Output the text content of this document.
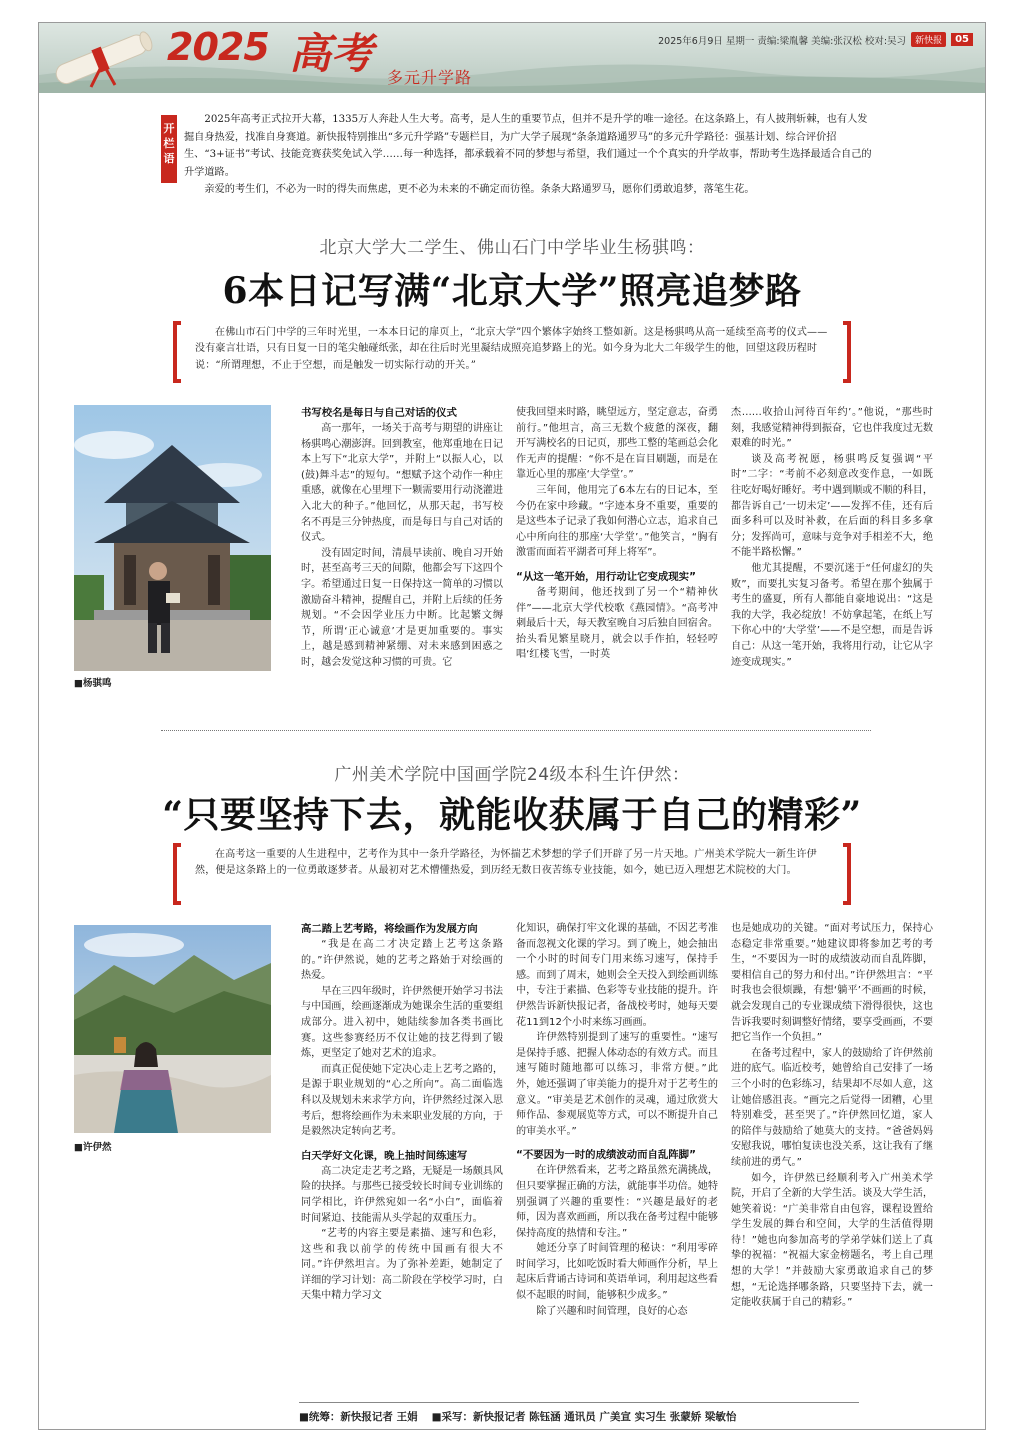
2025 高考 多元升学路
2025年6月9日 星期一 责编:梁胤馨 美编:张汉松 校对:吴习	新快报	05
开栏语

2025年高考正式拉开大幕，1335万人奔赴人生大考。高考，是人生的重要节点，但并不是升学的唯一途径。在这条路上，有人披荆斩棘，也有人发掘自身热爱，找准自身赛道。新快报特别推出“多元升学路”专题栏目，为广大学子展现“条条道路通罗马”的多元升学路径：强基计划、综合评价招生、“3+证书”考试、技能竞赛获奖免试入学……每一种选择，都承载着不同的梦想与希望，我们通过一个个真实的升学故事，帮助考生选择最适合自己的升学道路。

亲爱的考生们，不必为一时的得失而焦虑，更不必为未来的不确定而彷徨。条条大路通罗马，愿你们勇敢追梦，落笔生花。

北京大学大二学生、佛山石门中学毕业生杨骐鸣：
6本日记写满“北京大学”照亮追梦路

在佛山市石门中学的三年时光里，一本本日记的扉页上，“北京大学”四个繁体字始终工整如新。这是杨骐鸣从高一延续至高考的仪式——没有豪言壮语，只有日复一日的笔尖触碰纸张，却在往后时光里凝结成照亮追梦路上的光。如今身为北大二年级学生的他，回望这段历程时说：“所谓理想，不止于空想，而是触发一切实际行动的开关。”

■杨骐鸣
书写校名是每日与自己对话的仪式

高一那年，一场关于高考与期望的讲座让杨骐鸣心潮澎湃。回到教室，他郑重地在日记本上写下“北京大学”，并附上“以振人心，以(鼓)舞斗志”的短句。“想赋予这个动作一种庄重感，就像在心里埋下一颗需要用行动浇灌进入北大的种子。”他回忆，从那天起，书写校名不再是三分钟热度，而是每日与自己对话的仪式。

没有固定时间，清晨早读前、晚自习开始时，甚至高考三天的间隙，他都会写下这四个字。希望通过日复一日保持这一简单的习惯以激励奋斗精神，提醒自己，并附上后续的任务规划。“不会因学业压力中断。比起繁文缛节，所谓‘正心诚意’才是更加重要的。事实上，越是感到精神紧绷、对未来感到困惑之时，越会发觉这种习惯的可贵。它

使我回望来时路，眺望远方，坚定意志，奋勇前行。”他坦言，高三无数个疲惫的深夜，翻开写满校名的日记页，那些工整的笔画总会化作无声的提醒：“你不是在盲目刷题，而是在靠近心里的那座‘大学堂’。”

三年间，他用完了6本左右的日记本，至今仍在家中珍藏。“字迹本身不重要，重要的是这些本子记录了我如何潜心立志，追求自己心中所向往的那座‘大学堂’。”他笑言，“胸有激雷而面若平湖者可拜上将军”。

“从这一笔开始，用行动让它变成现实”

备考期间，他还找到了另一个“精神伙伴”——北京大学代校歌《燕园情》。“高考冲刺最后十天，每天教室晚自习后独自回宿舍。抬头看见繁星晓月，就会以手作拍，轻轻哼唱‘红楼飞雪，一时英

杰……收拾山河待百年约’。”他说，“那些时刻，我感觉精神得到振奋，它也伴我度过无数艰难的时光。”

谈及高考祝愿，杨骐鸣反复强调“平时”二字：“考前不必刻意改变作息，一如既往吃好喝好睡好。考中遇到顺或不顺的科目，都告诉自己‘一切未定’——发挥不佳，还有后面多科可以及时补救，在后面的科目多多拿分；发挥尚可，意味与竞争对手相差不大，绝不能半路松懈。”

他尤其提醒，不要沉迷于“任何虚幻的失败”，而要扎实复习备考。希望在那个独属于考生的盛夏，所有人都能自豪地说出：“这是我的大学，我必绽放！不妨拿起笔，在纸上写下你心中的‘大学堂’——不是空想，而是告诉自己：从这一笔开始，我将用行动，让它从字迹变成现实。”

广州美术学院中国画学院24级本科生许伊然：
“只要坚持下去，就能收获属于自己的精彩”

在高考这一重要的人生进程中，艺考作为其中一条升学路径，为怀揣艺术梦想的学子们开辟了另一片天地。广州美术学院大一新生许伊然，便是这条路上的一位勇敢逐梦者。从最初对艺术懵懂热爱，到历经无数日夜苦练专业技能，如今，她已迈入理想艺术院校的大门。

■许伊然
高二踏上艺考路，将绘画作为发展方向

“我是在高二才决定踏上艺考这条路的。”许伊然说，她的艺考之路始于对绘画的热爱。

早在三四年级时，许伊然便开始学习书法与中国画，绘画逐渐成为她课余生活的重要组成部分。进入初中，她陆续参加各类书画比赛。这些参赛经历不仅让她的技艺得到了锻炼，更坚定了她对艺术的追求。

而真正促使她下定决心走上艺考之路的，是源于职业规划的“心之所向”。高二面临选科以及规划未来求学方向，许伊然经过深入思考后，想将绘画作为未来职业发展的方向，于是毅然决定转向艺考。

白天学好文化课，晚上抽时间练速写

高二决定走艺考之路，无疑是一场颇具风险的抉择。与那些已接受较长时间专业训练的同学相比，许伊然宛如一名“小白”，面临着时间紧迫、技能需从头学起的双重压力。

“艺考的内容主要是素描、速写和色彩，这些和我以前学的传统中国画有很大不同。”许伊然坦言。为了弥补差距，她制定了详细的学习计划：高二阶段在学校学习时，白天集中精力学习文

化知识，确保打牢文化课的基础，不因艺考准备而忽视文化课的学习。到了晚上，她会抽出一个小时的时间专门用来练习速写，保持手感。而到了周末，她则会全天投入到绘画训练中，专注于素描、色彩等专业技能的提升。许伊然告诉新快报记者，备战校考时，她每天要花11到12个小时来练习画画。

许伊然特别提到了速写的重要性。“速写是保持手感、把握人体动态的有效方式。而且速写随时随地都可以练习，非常方便。”此外，她还强调了审美能力的提升对于艺考生的意义。“审美是艺术创作的灵魂，通过欣赏大师作品、参观展览等方式，可以不断提升自己的审美水平。”

“不要因为一时的成绩波动而自乱阵脚”

在许伊然看来，艺考之路虽然充满挑战，但只要掌握正确的方法，就能事半功倍。她特别强调了兴趣的重要性：“兴趣是最好的老师，因为喜欢画画，所以我在备考过程中能够保持高度的热情和专注。”

她还分享了时间管理的秘诀：“利用零碎时间学习，比如吃饭时看大师画作分析，早上起床后背诵古诗词和英语单词，利用起这些看似不起眼的时间，能够积少成多。”

除了兴趣和时间管理，良好的心态

也是她成功的关键。“面对考试压力，保持心态稳定非常重要。”她建议即将参加艺考的考生，“不要因为一时的成绩波动而自乱阵脚，要相信自己的努力和付出。”许伊然坦言：“平时我也会很烦躁，有想‘躺平’不画画的时候，就会发现自己的专业课成绩下滑得很快，这也告诉我要时刻调整好情绪，要享受画画，不要把它当作一个负担。”

在备考过程中，家人的鼓励给了许伊然前进的底气。临近校考，她曾给自己安排了一场三个小时的色彩练习，结果却不尽如人意，这让她倍感沮丧。“画完之后觉得一团糟，心里特别难受，甚至哭了。”许伊然回忆道，家人的陪伴与鼓励给了她莫大的支持。“爸爸妈妈安慰我说，哪怕复读也没关系，这让我有了继续前进的勇气。”

如今，许伊然已经顺利考入广州美术学院，开启了全新的大学生活。谈及大学生活，她笑着说：“广美非常自由包容，课程设置给学生发展的舞台和空间，大学的生活值得期待！”她也向参加高考的学弟学妹们送上了真挚的祝福：“祝福大家金榜题名，考上自己理想的大学！”并鼓励大家勇敢追求自己的梦想，“无论选择哪条路，只要坚持下去，就一定能收获属于自己的精彩。”

■统筹：新快报记者 王娟 ■采写：新快报记者 陈钰涵 通讯员 广美宣 实习生 张蒙娇 梁敏怡
